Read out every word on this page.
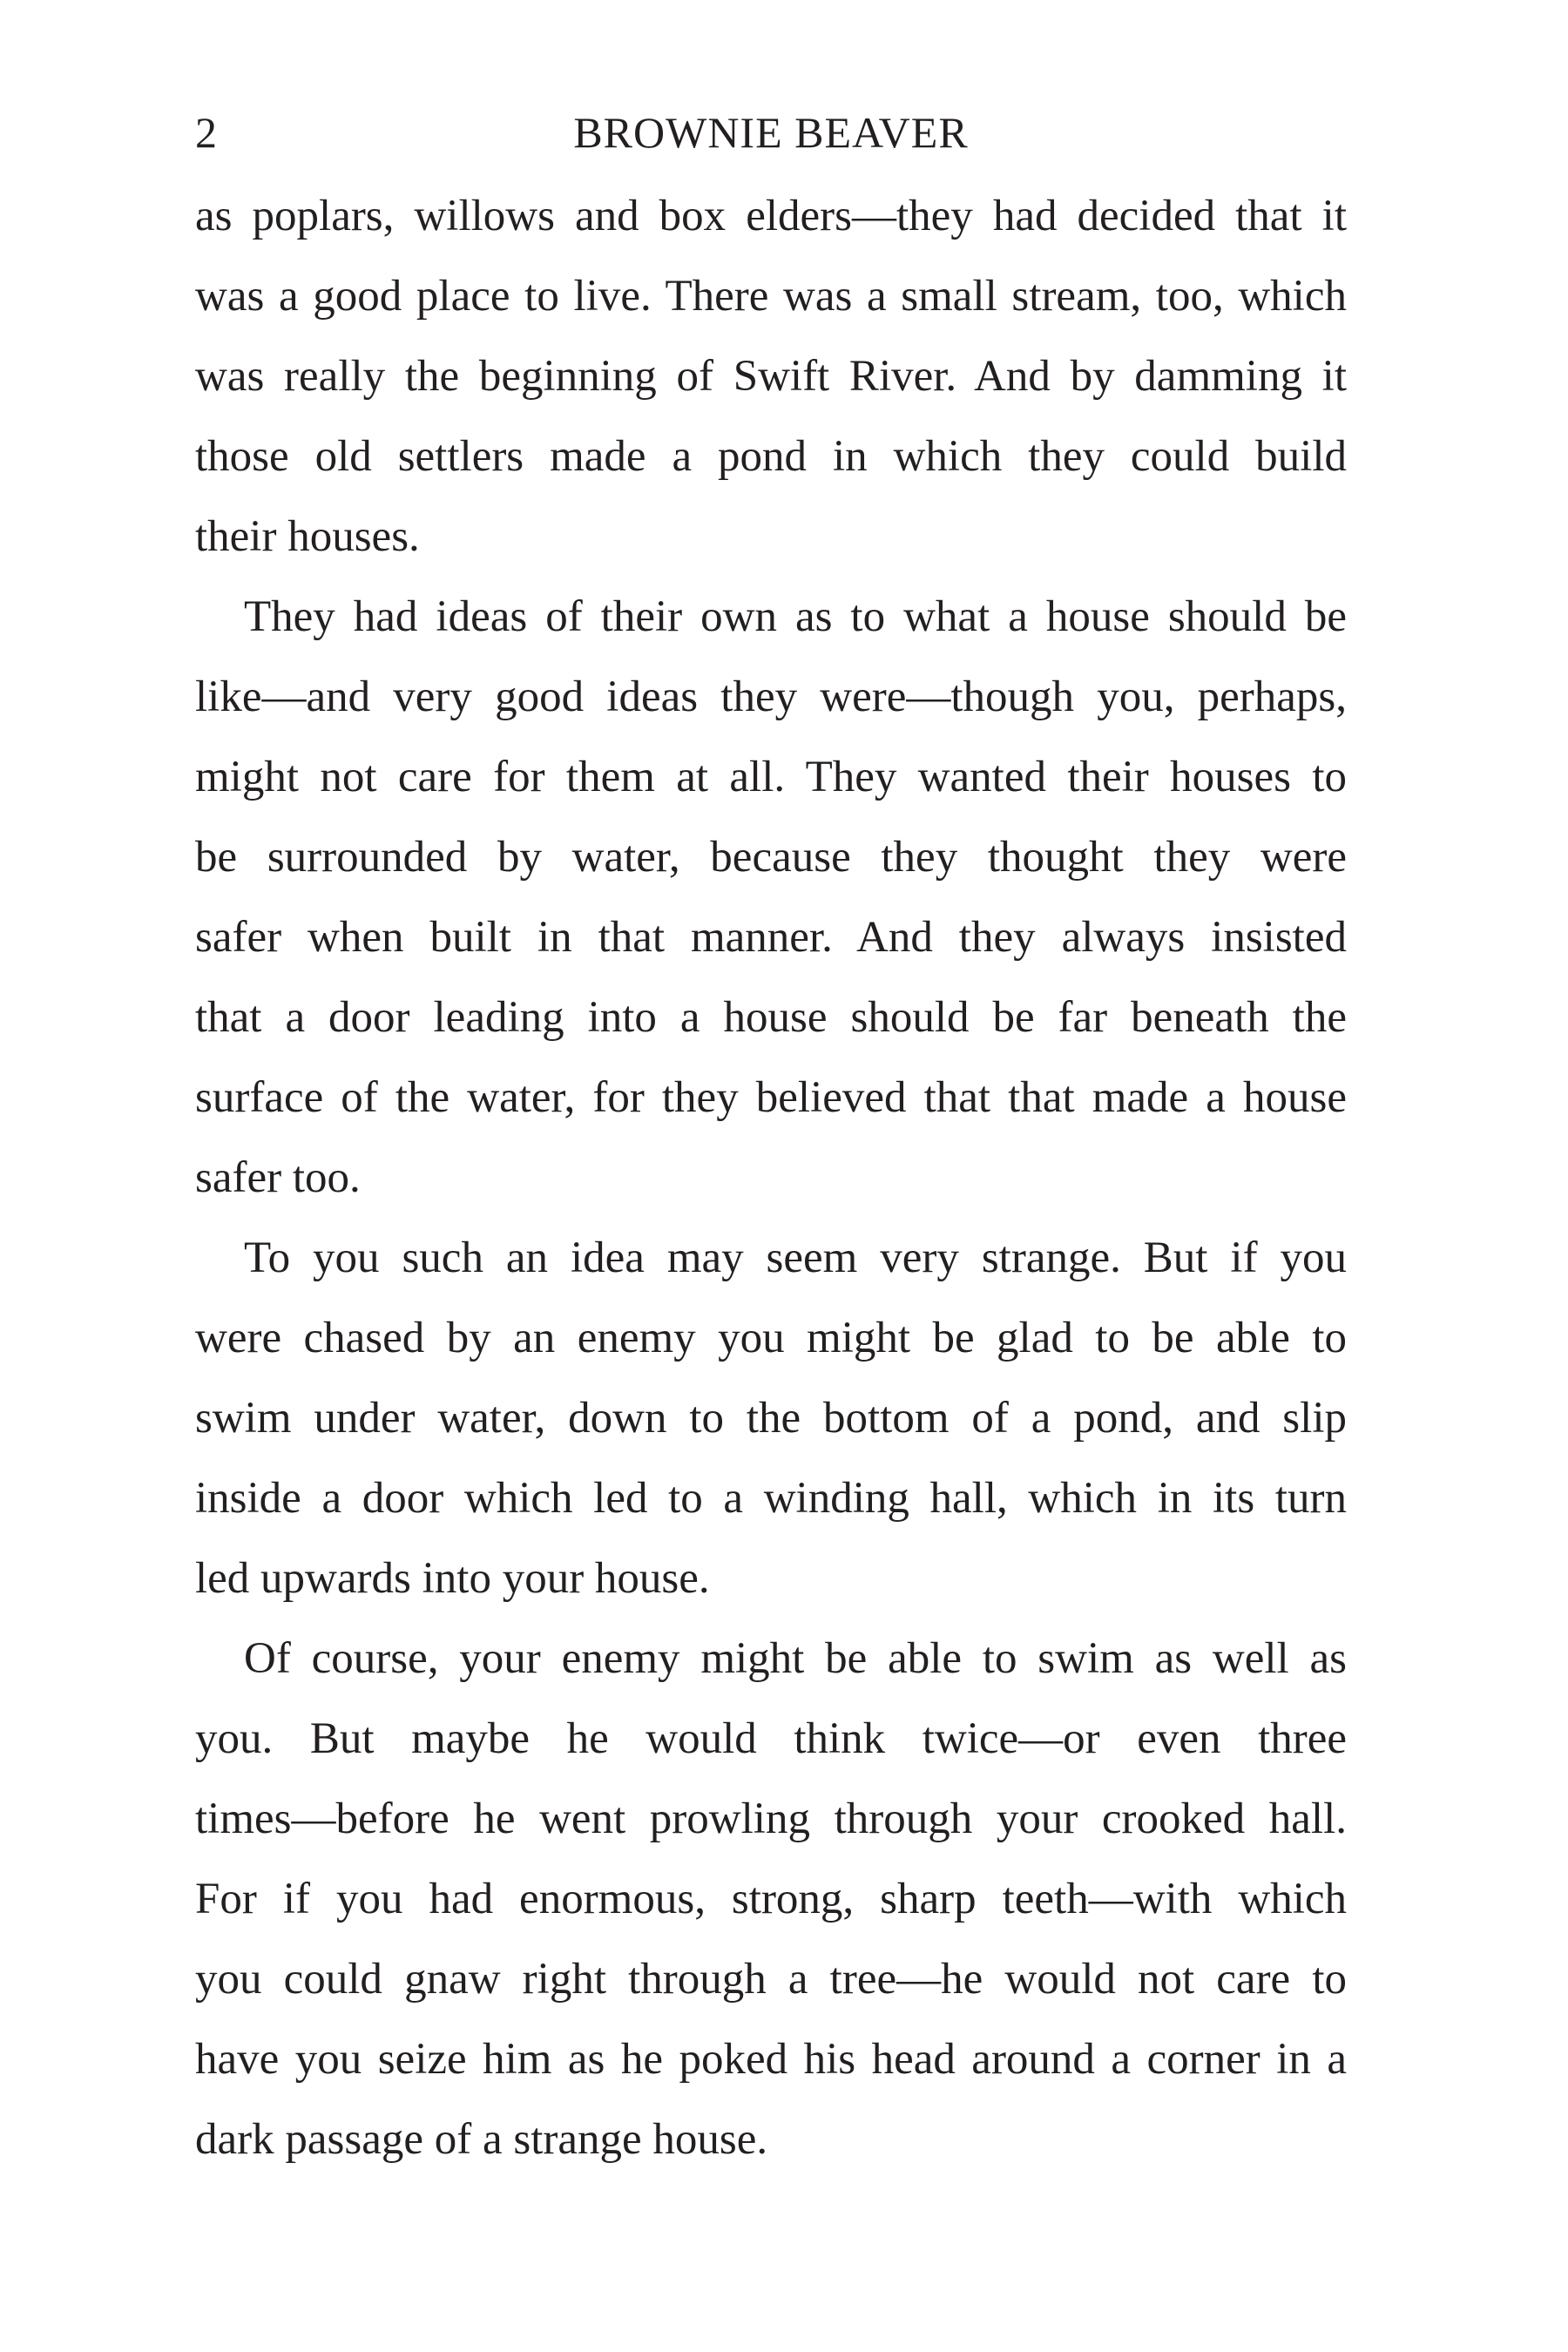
2	BROWNIE BEAVER
as poplars, willows and box elders—they had decided that it
was a good place to live. There was a small stream, too, which
was really the beginning of Swift River. And by damming it
those old settlers made a pond in which they could build
their houses.
They had ideas of their own as to what a house should be
like—and very good ideas they were—though you, perhaps,
might not care for them at all. They wanted their houses to
be surrounded by water, because they thought they were
safer when built in that manner. And they always insisted
that a door leading into a house should be far beneath the
surface of the water, for they believed that that made a house
safer too.
To you such an idea may seem very strange. But if you
were chased by an enemy you might be glad to be able to
swim under water, down to the bottom of a pond, and slip
inside a door which led to a winding hall, which in its turn
led upwards into your house.
Of course, your enemy might be able to swim as well as
you. But maybe he would think twice—or even three
times—before he went prowling through your crooked hall.
For if you had enormous, strong, sharp teeth—with which
you could gnaw right through a tree—he would not care to
have you seize him as he poked his head around a corner in a
dark passage of a strange house.
